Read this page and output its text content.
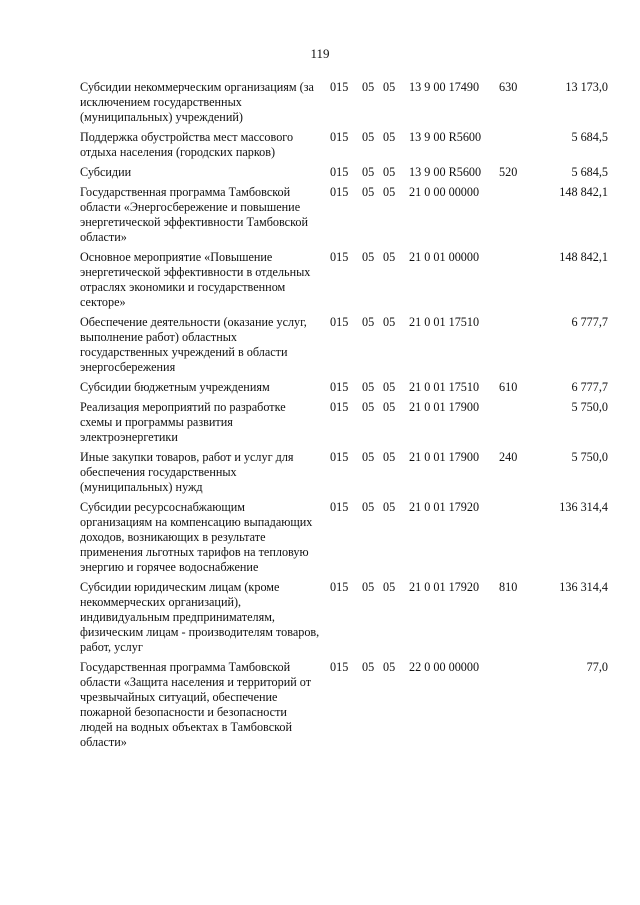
119
Субсидии некоммерческим организациям (за исключением государственных (муниципальных) учреждений)
015 05 05 13 9 00 17490 630	13 173,0
Поддержка обустройства мест массового отдыха населения (городских парков)
015 05 05 13 9 00 R5600	5 684,5
Субсидии	015 05 05 13 9 00 R5600 520	5 684,5
Государственная программа Тамбовской области «Энергосбережение и повышение энергетической эффективности Тамбовской области»
015 05 05 21 0 00 00000	148 842,1
Основное мероприятие «Повышение энергетической эффективности в отдельных отраслях экономики и государственном секторе»
015 05 05 21 0 01 00000	148 842,1
Обеспечение деятельности (оказание услуг, выполнение работ) областных государственных учреждений в области энергосбережения
015 05 05 21 0 01 17510	6 777,7
Субсидии бюджетным учреждениям	015 05 05 21 0 01 17510 610	6 777,7
Реализация мероприятий по разработке схемы и программы развития электроэнергетики
015 05 05 21 0 01 17900	5 750,0
Иные закупки товаров, работ и услуг для обеспечения государственных (муниципальных) нужд
015 05 05 21 0 01 17900 240	5 750,0
Субсидии ресурсоснабжающим организациям на компенсацию выпадающих доходов, возникающих в результате применения льготных тарифов на тепловую энергию и горячее водоснабжение
015 05 05 21 0 01 17920	136 314,4
Субсидии юридическим лицам (кроме некоммерческих организаций), индивидуальным предпринимателям, физическим лицам - производителям товаров, работ, услуг
015 05 05 21 0 01 17920 810	136 314,4
Государственная программа Тамбовской области «Защита населения и территорий от чрезвычайных ситуаций, обеспечение пожарной безопасности и безопасности людей на водных объектах в Тамбовской области»
015 05 05 22 0 00 00000	77,0
